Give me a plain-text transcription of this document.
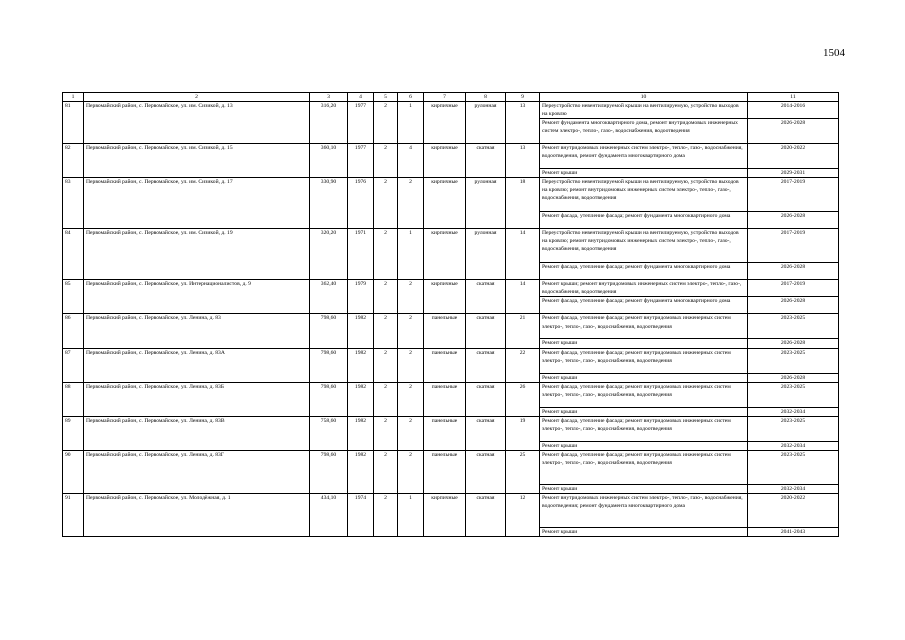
1504
1	2	3	4	5	6	7	8	9	10	11
81	Первомайский район, с. Первомайское, ул. им. Сизикой, д. 13	316,20	1977	2	1	кирпичные	рулонная	13	Переустройство невентилируемой крыши на вентилируемую, устройство выходов на кровлю	2014-2016
									Ремонт фундамента многоквартирного дома, ремонт внутридомовых инженерных систем электро-, тепло-, газо-, водоснабжения, водоотведения	2026-2028
82	Первомайский район, с. Первомайское, ул. им. Сизикой, д. 15	360,10	1977	2	4	кирпичные	скатная	13	Ремонт внутридомовых инженерных систем электро-, тепло-, газо-, водоснабжения, водоотведения, ремонт фундамента многоквартирного дома	2020-2022
									Ремонт крыши	2029-2031
83	Первомайский район, с. Первомайское, ул. им. Сизикой, д. 17	330,90	1976	2	2	кирпичные	рулонная	18	Переустройство невентилируемой крыши на вентилируемую, устройство выходов на кровлю; ремонт внутридомовых инженерных систем электро-, тепло-, газо-, водоснабжения, водоотведения	2017-2019
									Ремонт фасада, утепление фасада; ремонт фундамента многоквартирного дома	2026-2028
84	Первомайский район, с. Первомайское, ул. им. Сизикой, д. 19	320,20	1971	2	1	кирпичные	рулонная	14	Переустройство невентилируемой крыши на вентилируемую, устройство выходов на кровлю; ремонт внутридомовых инженерных систем электро-, тепло-, газо-, водоснабжения, водоотведения	2017-2019
									Ремонт фасада, утепление фасада; ремонт фундамента многоквартирного дома	2026-2028
85	Первомайский район, с. Первомайское, ул. Интернационалистов, д. 9	362,40	1979	2	2	кирпичные	скатная	14	Ремонт крыши; ремонт внутридомовых инженерных систем электро-, тепло-, газо-, водоснабжения, водоотведения	2017-2019
									Ремонт фасада, утепление фасада; ремонт фундамента многоквартирного дома	2026-2028
86	Первомайский район, с. Первомайское, ул. Ленина, д. 83	798,60	1982	2	2	панельные	скатная	21	Ремонт фасада, утепление фасада; ремонт внутридомовых инженерных систем электро-, тепло-, газо-, водоснабжения, водоотведения	2023-2025
									Ремонт крыши	2026-2028
87	Первомайский район, с. Первомайское, ул. Ленина, д. 83А	798,60	1982	2	2	панельные	скатная	22	Ремонт фасада, утепление фасада; ремонт внутридомовых инженерных систем электро-, тепло-, газо-, водоснабжения, водоотведения	2023-2025
									Ремонт крыши	2026-2028
88	Первомайский район, с. Первомайское, ул. Ленина, д. 83Б	798,60	1982	2	2	панельные	скатная	26	Ремонт фасада, утепление фасада; ремонт внутридомовых инженерных систем электро-, тепло-, газо-, водоснабжения, водоотведения	2023-2025
									Ремонт крыши	2032-2034
89	Первомайский район, с. Первомайское, ул. Ленина, д. 83В	758,60	1982	2	2	панельные	скатная	19	Ремонт фасада, утепление фасада; ремонт внутридомовых инженерных систем электро-, тепло-, газо-, водоснабжения, водоотведения	2023-2025
									Ремонт крыши	2032-2034
90	Первомайский район, с. Первомайское, ул. Ленина, д. 83Г	798,60	1982	2	2	панельные	скатная	25	Ремонт фасада, утепление фасада; ремонт внутридомовых инженерных систем электро-, тепло-, газо-, водоснабжения, водоотведения	2023-2025
									Ремонт крыши	2032-2034
91	Первомайский район, с. Первомайское, ул. Молодёжная, д. 1	434,10	1974	2	1	кирпичные	скатная	12	Ремонт внутридомовых инженерных систем электро-, тепло-, газо-, водоснабжения, водоотведения; ремонт фундамента многоквартирного дома	2020-2022
									Ремонт крыши	2041-2043
